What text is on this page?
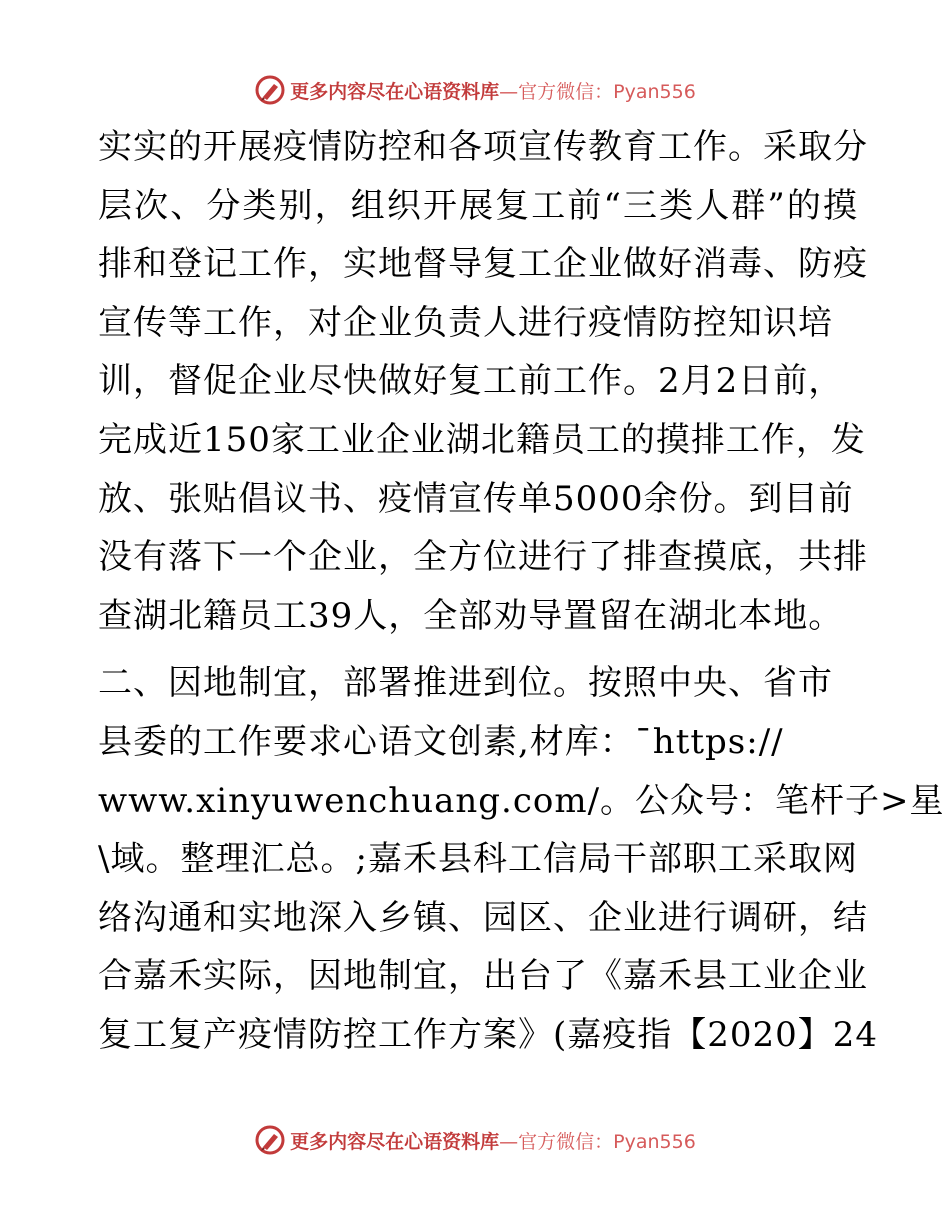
更多内容尽在心语资料库 —官方微信：Pyan556
实实的开展疫情防控和各项宣传教育工作。采取分
层次、分类别，组织开展复工前“三类人群”的摸
排和登记工作，实地督导复工企业做好消毒、防疫
宣传等工作，对企业负责人进行疫情防控知识培
训，督促企业尽快做好复工前工作。2月2日前，
完成近150家工业企业湖北籍员工的摸排工作，发
放、张贴倡议书、疫情宣传单5000余份。到目前
没有落下一个企业，全方位进行了排查摸底，共排
查湖北籍员工39人，全部劝导置留在湖北本地。
二、因地制宜，部署推进到位。按照中央、省市
县委的工作要求心语文创素,材库：¯https://
www.xinyuwenchuang.com/。公众号：笔杆子>星
\域。整理汇总。;嘉禾县科工信局干部职工采取网
络沟通和实地深入乡镇、园区、企业进行调研，结
合嘉禾实际，因地制宜，出台了《嘉禾县工业企业
复工复产疫情防控工作方案》(嘉疫指【2020】24
更多内容尽在心语资料库 —官方微信：Pyan556
